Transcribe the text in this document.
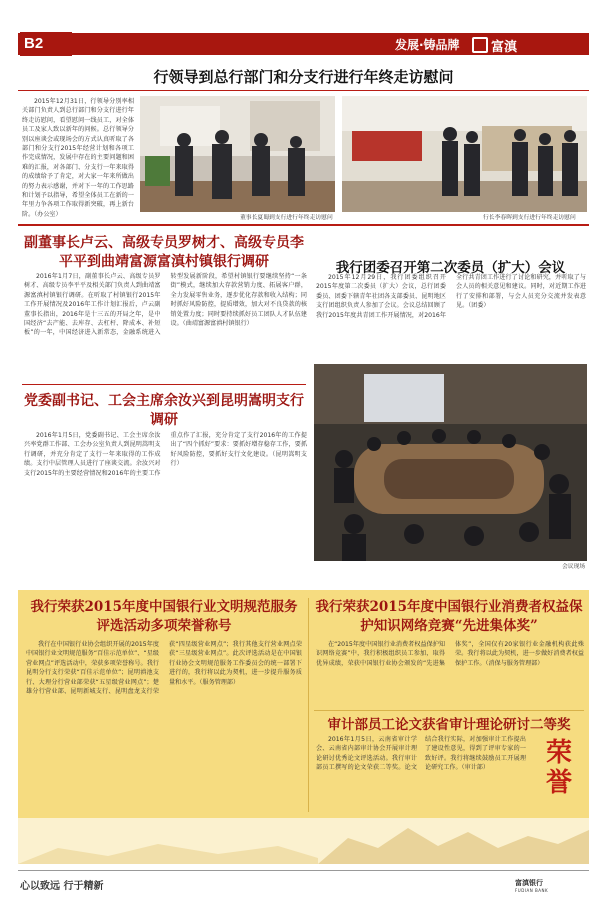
B2	发展·铸品牌	富滇
行领导到总行部门和分支行进行年终走访慰问
2015年12月31日，行领导分别率相关部门负责人到总行部门和分支行进行年终走访慰问，看望慰问一线员工，对全体员工及家人致以新年的问候。总行领导分别以座谈会或现场会的方式认真听取了各部门和分支行2015年经营计划和各项工作完成情况，发展中存在的主要问题和困难的汇报，对各部门、分支行一年来取得的成绩给予了肯定，对大家一年来所做出的努力表示感谢，并对下一年的工作思路和计划予以指导，希望全体员工在新的一年里力争各项工作取得新突破，再上新台阶。（办公室）
董事长夏蜀到支行进行年终走访慰问	行长李春晖到支行进行年终走访慰问
副董事长卢云、高级专员罗树才、高级专员李平平到曲靖富源富滇村镇银行调研
2016年1月7日，副董事长卢云、高级专员罗树才、高级专员李平平及相关部门负责人到曲靖富源富滇村镇银行调研。在听取了村镇银行2015年工作开展情况及2016年工作计划汇报后，卢云副董事长指出，2016年是十三五的开局之年，是中国经济“去产能、去库存、去杠杆、降成本、补短板”的一年，中国经济进入新常态，金融系统进入转型发展新阶段，希望村镇银行要继续坚持“一条街”模式，继续加大存款营销力度、拓展客户群，全力发展零售业务，逐步优化存款和收入结构；同时抓好风险防控，提质增效，加大对不良贷款的核销处置力度；同时要持续抓好员工团队人才队伍建设。（曲靖富源富滇村镇银行）
党委副书记、工会主席余汝兴到昆明嵩明支行调研
2016年1月5日，党委副书记、工会主席余汝兴率党群工作部、工会办公室负责人到昆明嵩明支行调研，并充分肯定了支行一年来取得的工作成绩。支行中层管理人员进行了座谈交流。余汝兴对支行2015年的主要经营情况和2016年的主要工作重点作了汇报，充分肯定了支行2016年的工作提出了“四个抓好”要求：要抓好增存稳存工作，要抓好风险防控，要抓好支行文化建设。（昆明嵩明支行）
我行团委召开第二次委员（扩大）会议
2015年12月29日，我行团委组织召开2015年度第二次委员（扩大）会议，总行团委委员、团委下辖青年社团各支部委员、昆明地区支行团组织负责人参加了会议。会议总结回顾了我行2015年度共青团工作开展情况，对2016年全行共青团工作进行了讨论和研究，并听取了与会人员的相关意见和建议。同时，对近期工作进行了安排和部署，与会人员充分交流并发表意见。（团委）
会议现场
我行荣获2015年度中国银行业文明规范服务评选活动多项荣誉称号
我行在中国银行业协会组织开展的2015年度中国银行业文明规范服务“百佳示范单位”、“星级营业网点”评选活动中，荣获多项荣誉称号。我行昆明分行支行荣获“百佳示范单位”；昆明滇池支行、大理分行营业部荣获“五星级营业网点”；楚雄分行营业部、昆明新城支行、昆明盘龙支行荣获“四星级营业网点”；我行其他支行营业网点荣获“三星级营业网点”。此次评选活动是在中国银行业协会文明规范服务工作委员会的统一部署下进行的，我行将以此为契机，进一步提升服务质量和水平。（服务管理部）
我行荣获2015年度中国银行业消费者权益保护知识网络竞赛“先进集体奖”
在“2015年度中国银行业消费者权益保护知识网络竞赛”中，我行积极组织员工参加，取得优异成绩，荣获中国银行业协会颁发的“先进集体奖”，全国仅有20家银行业金融机构获此殊荣。我行将以此为契机，进一步做好消费者权益保护工作。（消保与服务管理部）
审计部员工论文获省审计理论研讨二等奖
2016年1月5日，云南省审计学会、云南省内部审计协会开展审计理论研讨优秀论文评选活动。我行审计部员工撰写的论文荣获二等奖。论文结合我行实际，对加强审计工作提出了建设性意见，得到了评审专家的一致好评。我行将继续鼓励员工开展理论研究工作。（审计部）	荣誉
心以致远 行于精新	富滇银行
FUDIAN BANK
